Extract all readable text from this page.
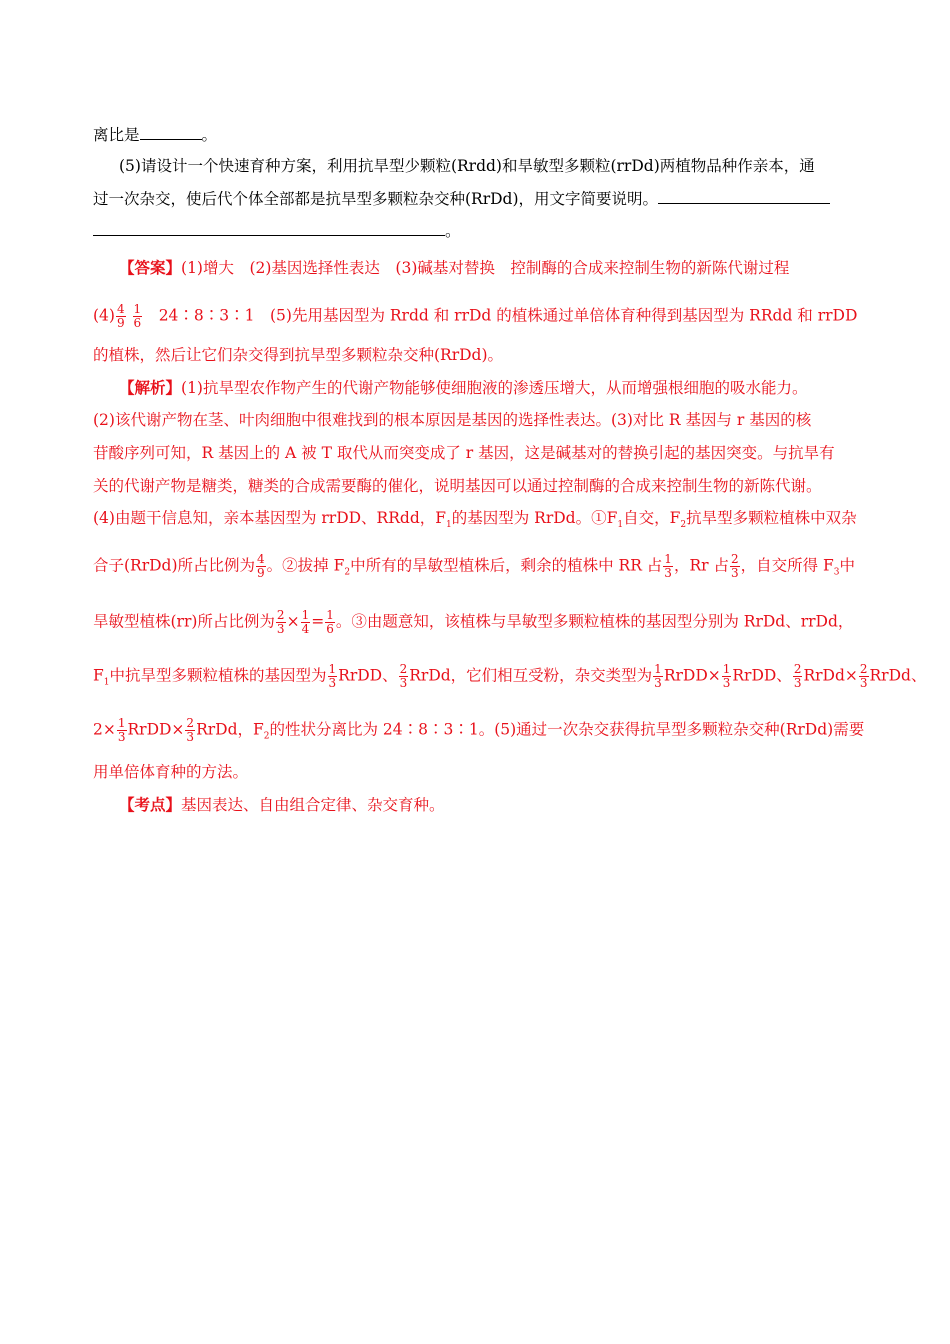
离比是	。
(5)请设计一个快速育种方案，利用抗旱型少颗粒(Rrdd)和旱敏型多颗粒(rrDd)两植物品种作亲本，通
过一次杂交，使后代个体全部都是抗旱型多颗粒杂交种(RrDd)，用文字简要说明。
。
【答案】(1)增大　(2)基因选择性表达　(3)碱基对替换　控制酶的合成来控制生物的新陈代谢过程
$(4) \frac{4}{9}$
$\frac{1}{6}$ 　24∶8∶3∶1　(5)先用基因型为 Rrdd 和 rrDd 的植株通过单倍体育种得到基因型为 RRdd 和 rrDD
的植株，然后让它们杂交得到抗旱型多颗粒杂交种(RrDd)。
【解析】(1)抗旱型农作物产生的代谢产物能够使细胞液的渗透压增大，从而增强根细胞的吸水能力。
(2)该代谢产物在茎、叶肉细胞中很难找到的根本原因是基因的选择性表达。(3)对比 R 基因与 r 基因的核
苷酸序列可知，R 基因上的 A 被 T 取代从而突变成了 r 基因，这是碱基对的替换引起的基因突变。与抗旱有
关的代谢产物是糖类，糖类的合成需要酶的催化，说明基因可以通过控制酶的合成来控制生物的新陈代谢。
(4)由题干信息知，亲本基因型为 rrDD、RRdd，$F_1$的基因型为 RrDd。$①F_1$自交，$F_2$抗旱型多颗粒植株中双杂
合子(RrDd)所占比例为 $\frac{4}{9}$ 。②拔掉 $F_2$中所有的旱敏型植株后，剩余的植株中 RR 占 $\frac{1}{3}$ ，Rr 占 $\frac{2}{3}$ ，自交所得 $F_3$中
旱敏型植株(rr)所占比例为 $\frac{2}{3} \times \frac{1}{4} = \frac{1}{6}$ 。③由题意知，该植株与旱敏型多颗粒植株的基因型分别为 RrDd、rrDd，
$F_1$中抗旱型多颗粒植株的基因型为 $\frac{1}{3}$ RrDD、 $\frac{2}{3}$ RrDd，它们相互受粉，杂交类型为 $\frac{1}{3}$ RrDD× $\frac{1}{3}$ RrDD、 $\frac{2}{3}$ RrDd× $\frac{2}{3}$ RrDd、
$2\times \frac{1}{3}$ RrDD× $\frac{2}{3}$ RrDd，$F_2$的性状分离比为 24∶8∶3∶1。(5)通过一次杂交获得抗旱型多颗粒杂交种(RrDd)需要
用单倍体育种的方法。
【考点】基因表达、自由组合定律、杂交育种。
